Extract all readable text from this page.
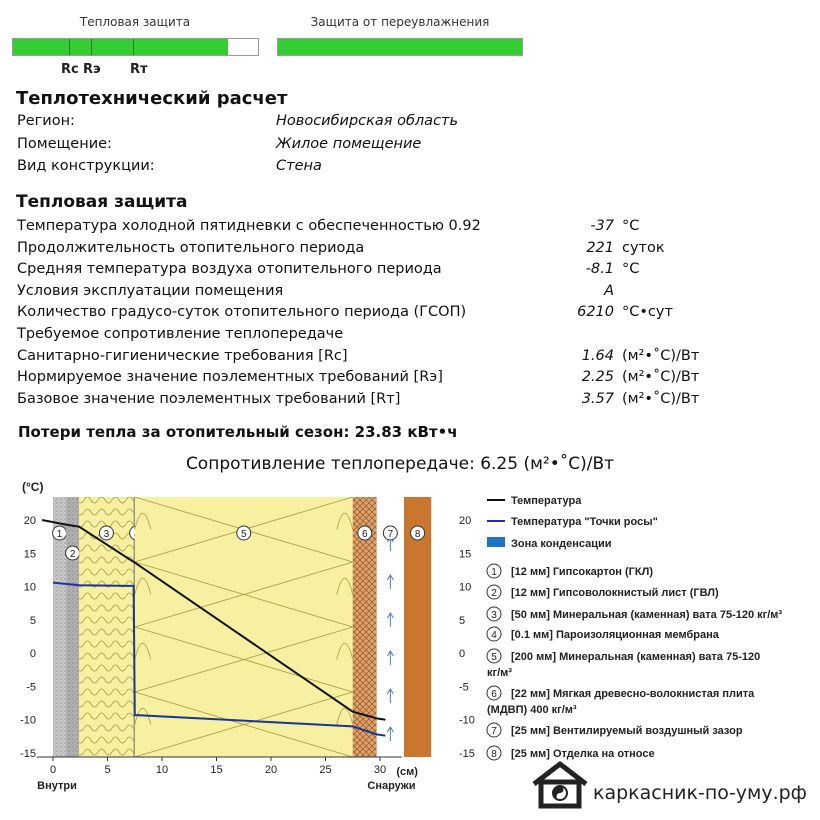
Тепловая защита
Rc Rэ Rт
Защита от переувлажнения
Теплотехнический расчет
Регион:	Новосибирская область
Помещение:	Жилое помещение
Вид конструкции:	Стена
Тепловая защита
Температура холодной пятидневки с обеспеченностью 0.92	-37 °С
Продолжительность отопительного периода	221 суток
Средняя температура воздуха отопительного периода	-8.1 °С
Условия эксплуатации помещения	А
Количество градусо-суток отопительного периода (ГСОП)	6210 °С•сут
Требуемое сопротивление теплопередаче
Санитарно-гигиенические требования [Rc]	1.64 (м²•˚С)/Вт
Нормируемое значение поэлементных требований [Rэ]	2.25 (м²•˚С)/Вт
Базовое значение поэлементных требований [Rт]	3.57 (м²•˚С)/Вт
Потери тепла за отопительный сезон: 23.83 кВт•ч
Сопротивление теплопередаче: 6.25 (м²•˚С)/Вт
1
2
3	5	6 7 8
20	20
15	15
10	10
5	5
0	0
-5	-5
-10	-10
-15	-15
(°С)
0	5	10	15	20	25	30 (см)
Внутри	Снаружи
Температура
Температура "Точки росы"
Зона конденсации
1 [12 мм] Гипсокартон (ГКЛ)
2 [12 мм] Гипсоволокнистый лист (ГВЛ)
3 [50 мм] Минеральная (каменная) вата 75-120 кг/м³
4 [0.1 мм] Пароизоляционная мембрана
5 [200 мм] Минеральная (каменная) вата 75-120
кг/м³
6 [22 мм] Мягкая древесно-волокнистая плита
(МДВП) 400 кг/м³
7 [25 мм] Вентилируемый воздушный зазор
8 [25 мм] Отделка на относе
каркасник-по-уму.рф
